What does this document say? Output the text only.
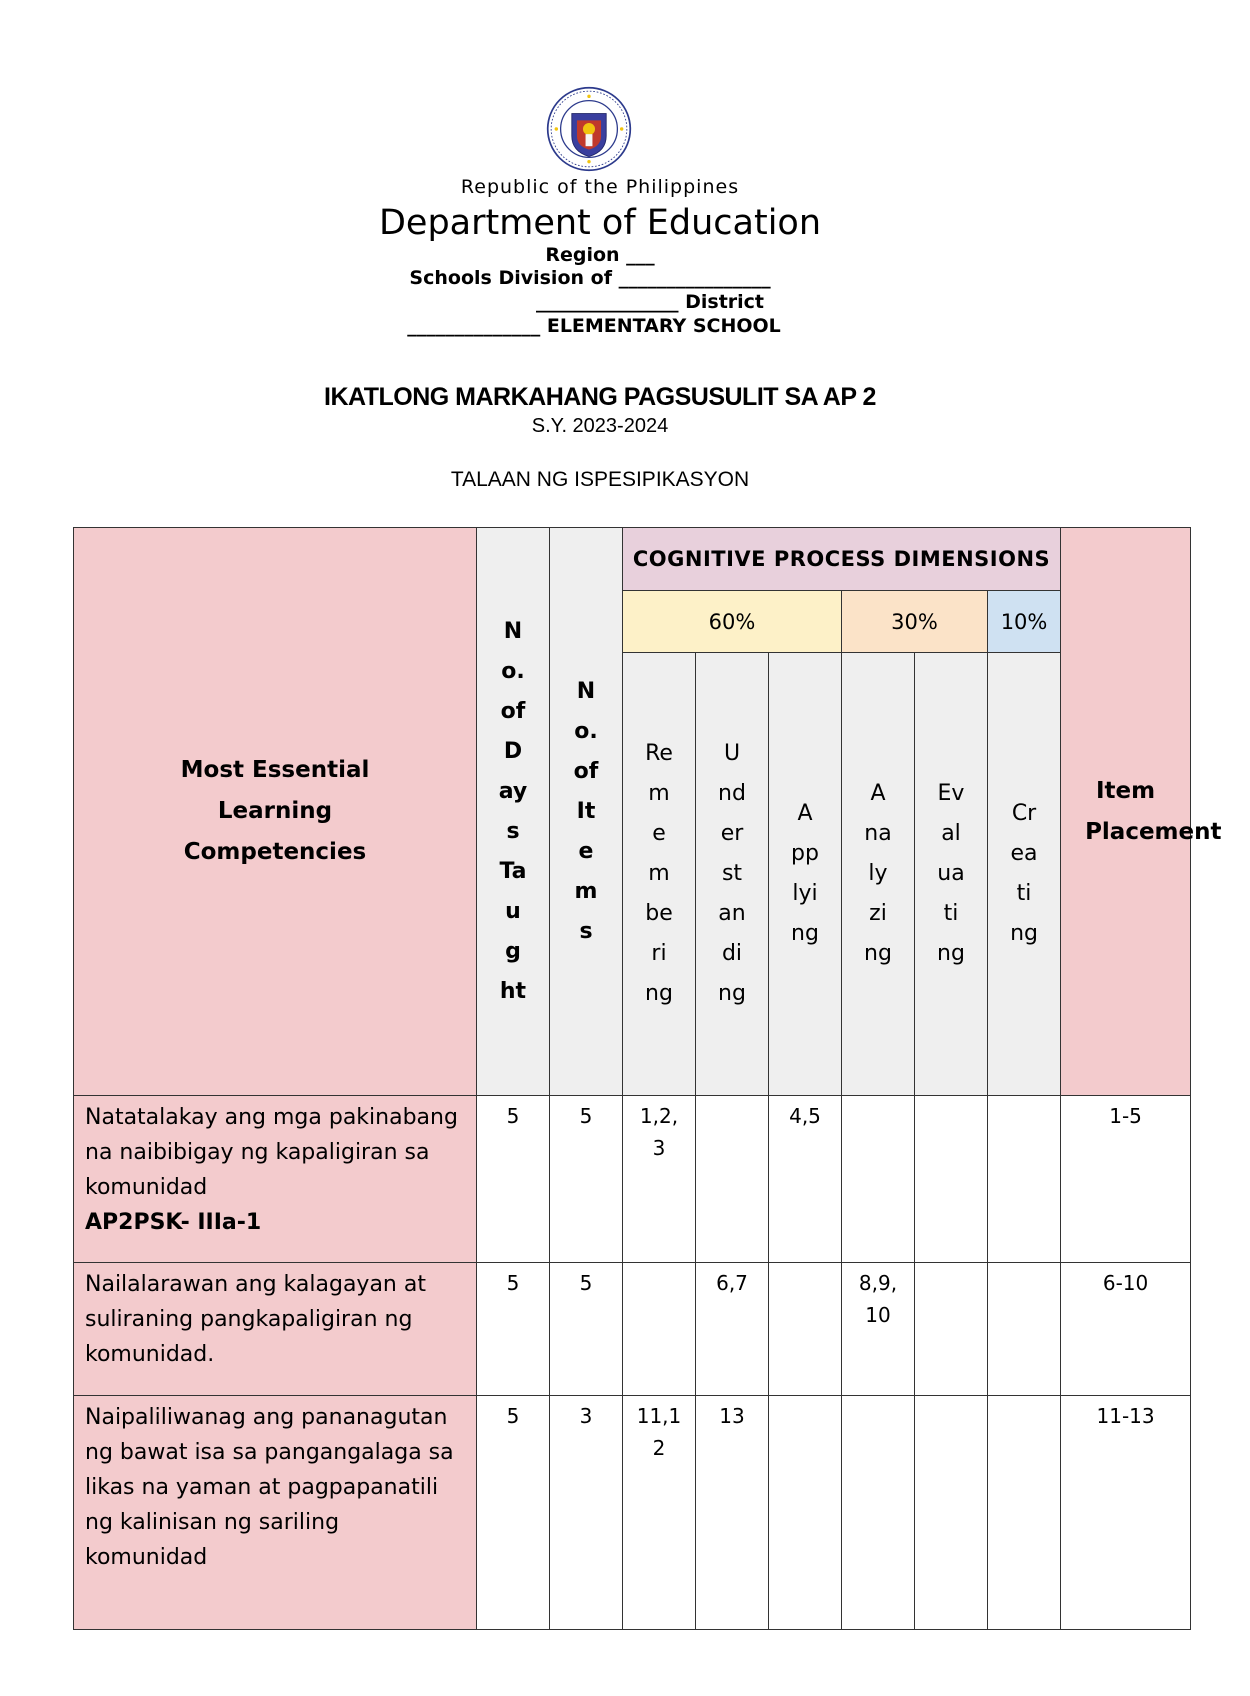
Republic of the Philippines
Department of Education
Region ___
Schools Division of ________________
_______________ District
______________ ELEMENTARY SCHOOL
IKATLONG MARKAHANG PAGSUSULIT SA AP 2
S.Y. 2023-2024
TALAAN NG ISPESIPIKASYON
Most Essential Learning Competencies	No. of Days Taught	No. of Items	COGNITIVE PROCESS DIMENSIONS						Item Placement

			60%			30%		10%	

			Remembering	Understanding	Applying	Analyzing	Evaluating	Creating	

Natatalakay ang mga pakinabang na naibibigay ng kapaligiran sa komunidad
AP2PSK- IIIa-1	5	5	1,2,3		4,5				1-5
Nailalarawan ang kalagayan at suliraning pangkapaligiran ng komunidad.	5	5		6,7		8,9,10			6-10
Naipaliliwanag ang pananagutan ng bawat isa sa pangangalaga sa likas na yaman at pagpapanatili ng kalinisan ng sariling komunidad	5	3	11,12	13					11-13
